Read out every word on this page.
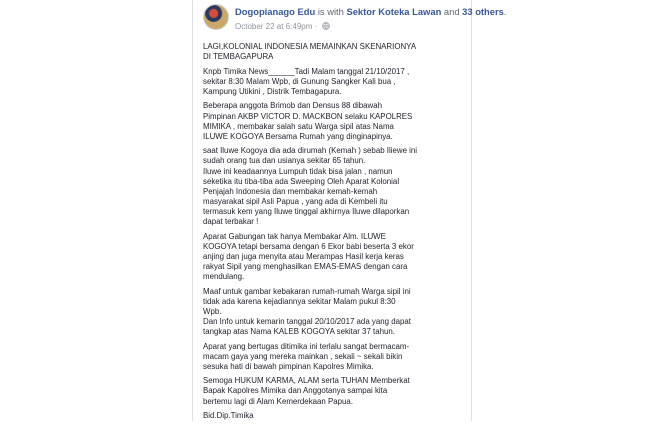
Dogopianago Edu is with Sektor Koteka Lawan and 33 others.
October 22 at 6:49pm ·

LAGI,KOLONIAL INDONESIA MEMAINKAN SKENARIONYA
DI TEMBAGAPURA

Knpb Timika News______Tadi Malam tanggal 21/10/2017 ,
sekitar 8:30 Malam Wpb, di Gunung Sangker Kali bua ,
Kampung Utikini , Distrik Tembagapura.

Beberapa anggota Brimob dan Densus 88 dibawah
Pimpinan AKBP VICTOR D. MACKBON selaku KAPOLRES
MIMIKA , membakar salah satu Warga sipil atas Nama
ILUWE KOGOYA Bersama Rumah yang dinginapinya.

saat Iluwe Kogoya dia ada dirumah (Kemah ) sebab Iliewe ini
sudah orang tua dan usianya sekitar 65 tahun.
Iluwe ini keadaannya Lumpuh tidak bisa jalan , namun
seketika itu tiba-tiba ada Sweeping Oleh Aparat Kolonial
Penjajah Indonesia dan membakar kemah-kemah
masyarakat sipil Asli Papua , yang ada di Kembeli itu
termasuk kem yang Iluwe tinggal akhirnya Iluwe dilaporkan
dapat terbakar !

Aparat Gabungan tak hanya Membakar Alm. ILUWE
KOGOYA tetapi bersama dengan 6 Ekor babi beserta 3 ekor
anjing dan juga menyita atau Merampas Hasil kerja keras
rakyat Sipil yang menghasilkan EMAS-EMAS dengan cara
mendulang.

Maaf untuk gambar kebakaran rumah-rumah Warga sipil ini
tidak ada karena kejadiannya sekitar Malam pukul 8:30
Wpb.
Dan Info untuk kemarin tanggal 20/10/2017 ada yang dapat
tangkap atas Nama KALEB KOGOYA sekitar 37 tahun.

Aparat yang bertugas ditimika ini terlalu sangat bermacam-
macam gaya yang mereka mainkan , sekali ~ sekali bikin
sesuka hati di bawah pimpinan Kapolres Mimika.

Semoga HUKUM KARMA, ALAM serta TUHAN Memberkat
Bapak Kapolres Mimika dan Anggotanya sampai kita
bertemu lagi di Alam Kemerdekaan Papua.

Bid.Dip.Timika
